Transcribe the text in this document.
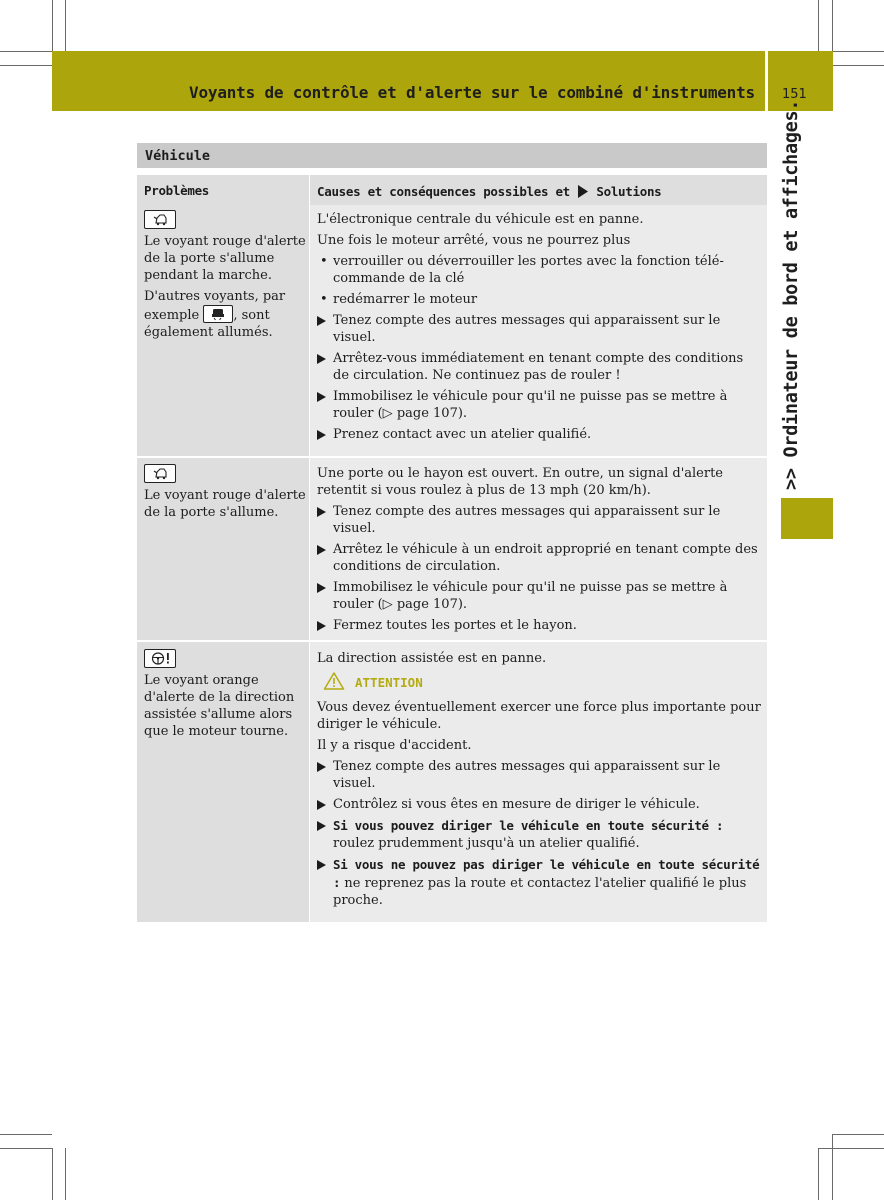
Voyants de contrôle et d'alerte sur le combiné d'instruments 151
>> Ordinateur de bord et affichages.
Véhicule
Problèmes	Causes et conséquences possibles et Solutions

Le voyant rouge d'alerte de la porte s'allume pendant la marche.

D'autres voyants, par exemple	, sont également allumés.

L'électronique centrale du véhicule est en panne.

Une fois le moteur arrêté, vous ne pourrez plus

• verrouiller ou déverrouiller les portes avec la fonction télé-commande de la clé
• redémarrer le moteur
Tenez compte des autres messages qui apparaissent sur le visuel.
Arrêtez-vous immédiatement en tenant compte des conditions de circulation. Ne continuez pas de rouler !
Immobilisez le véhicule pour qu'il ne puisse pas se mettre à rouler (▷ page 107).
Prenez contact avec un atelier qualifié.

Le voyant rouge d'alerte de la porte s'allume.

Une porte ou le hayon est ouvert. En outre, un signal d'alerte retentit si vous roulez à plus de 13 mph (20 km/h).

Tenez compte des autres messages qui apparaissent sur le visuel.
Arrêtez le véhicule à un endroit approprié en tenant compte des conditions de circulation.
Immobilisez le véhicule pour qu'il ne puisse pas se mettre à rouler (▷ page 107).
Fermez toutes les portes et le hayon.

Le voyant orange d'alerte de la direction assistée s'allume alors que le moteur tourne.

La direction assistée est en panne.

ATTENTION

Vous devez éventuellement exercer une force plus importante pour diriger le véhicule.

Il y a risque d'accident.

Tenez compte des autres messages qui apparaissent sur le visuel.
Contrôlez si vous êtes en mesure de diriger le véhicule.
Si vous pouvez diriger le véhicule en toute sécurité : roulez prudemment jusqu'à un atelier qualifié.
Si vous ne pouvez pas diriger le véhicule en toute sécurité : ne reprenez pas la route et contactez l'atelier qualifié le plus proche.
